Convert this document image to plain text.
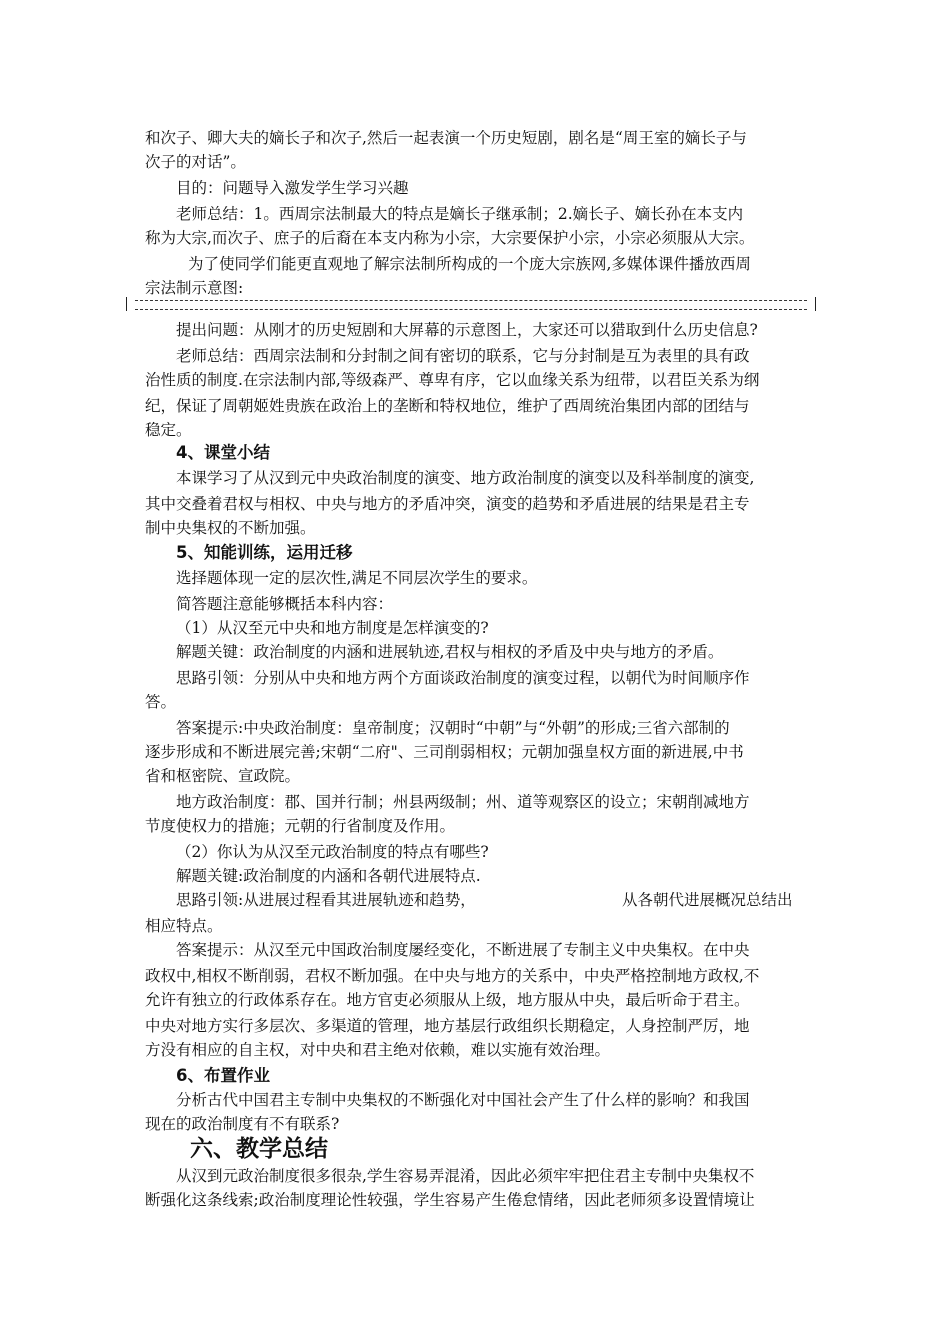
和次子、卿大夫的嫡长子和次子,然后一起表演一个历史短剧，剧名是“周王室的嫡长子与
次子的对话”。
目的：问题导入激发学生学习兴趣
老师总结：1。西周宗法制最大的特点是嫡长子继承制；2.嫡长子、嫡长孙在本支内
称为大宗,而次子、庶子的后裔在本支内称为小宗，大宗要保护小宗，小宗必须服从大宗。
为了使同学们能更直观地了解宗法制所构成的一个庞大宗族网,多媒体课件播放西周
宗法制示意图:
提出问题：从刚才的历史短剧和大屏幕的示意图上，大家还可以猎取到什么历史信息?
老师总结：西周宗法制和分封制之间有密切的联系，它与分封制是互为表里的具有政
治性质的制度.在宗法制内部,等级森严、尊卑有序，它以血缘关系为纽带，以君臣关系为纲
纪，保证了周朝姬姓贵族在政治上的垄断和特权地位，维护了西周统治集团内部的团结与
稳定。
4、课堂小结
本课学习了从汉到元中央政治制度的演变、地方政治制度的演变以及科举制度的演变,
其中交叠着君权与相权、中央与地方的矛盾冲突，演变的趋势和矛盾进展的结果是君主专
制中央集权的不断加强。
5、知能训练，运用迁移
选择题体现一定的层次性,满足不同层次学生的要求。
简答题注意能够概括本科内容：
（1）从汉至元中央和地方制度是怎样演变的?
解题关键：政治制度的内涵和进展轨迹,君权与相权的矛盾及中央与地方的矛盾。
思路引领：分别从中央和地方两个方面谈政治制度的演变过程，以朝代为时间顺序作
答。
答案提示:中央政治制度：皇帝制度；汉朝时“中朝”与“外朝”的形成;三省六部制的
逐步形成和不断进展完善;宋朝“二府"、三司削弱相权；元朝加强皇权方面的新进展,中书
省和枢密院、宣政院。
地方政治制度：郡、国并行制；州县两级制；州、道等观察区的设立；宋朝削减地方
节度使权力的措施；元朝的行省制度及作用。
（2）你认为从汉至元政治制度的特点有哪些?
解题关键:政治制度的内涵和各朝代进展特点.
思路引领:从进展过程看其进展轨迹和趋势，	从各朝代进展概况总结出
相应特点。
答案提示：从汉至元中国政治制度屡经变化，不断进展了专制主义中央集权。在中央
政权中,相权不断削弱，君权不断加强。在中央与地方的关系中，中央严格控制地方政权,不
允许有独立的行政体系存在。地方官吏必须服从上级，地方服从中央，最后听命于君主。
中央对地方实行多层次、多渠道的管理，地方基层行政组织长期稳定，人身控制严厉，地
方没有相应的自主权，对中央和君主绝对依赖，难以实施有效治理。
6、布置作业
分析古代中国君主专制中央集权的不断强化对中国社会产生了什么样的影响？和我国
现在的政治制度有不有联系?
六、教学总结
从汉到元政治制度很多很杂,学生容易弄混淆，因此必须牢牢把住君主专制中央集权不
断强化这条线索;政治制度理论性较强，学生容易产生倦怠情绪，因此老师须多设置情境让
